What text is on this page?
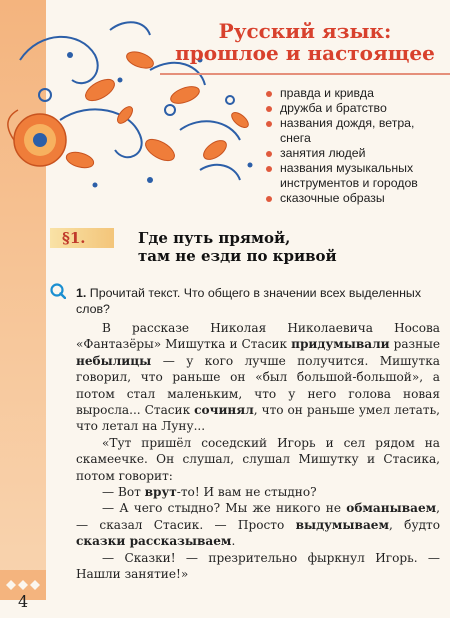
Русский язык:

прошлое и настоящее

правда и кривда
дружба и братство
названия дождя, ветра, снега
занятия людей
названия музыкальных инструментов и городов
сказочные образы
§1.	Где путь прямой,
там не езди по кривой
1. Прочитай текст. Что общего в значении всех выделенных слов?

В рассказе Николая Николаевича Носова «Фантазёры» Мишутка и Стасик придумывали разные небылицы — у кого лучше получится. Мишутка говорил, что раньше он «был большой-большой», а потом стал маленьким, что у него голова новая выросла... Стасик сочинял, что он раньше умел летать, что летал на Луну...

«Тут пришёл соседский Игорь и сел рядом на скамеечке. Он слушал, слушал Мишутку и Стасика, потом говорит:

— Вот врут-то! И вам не стыдно?

— А чего стыдно? Мы же никого не обманываем, — сказал Стасик. — Просто выдумываем, будто сказки рассказываем.

— Сказки! — презрительно фыркнул Игорь. — Нашли занятие!»

4
